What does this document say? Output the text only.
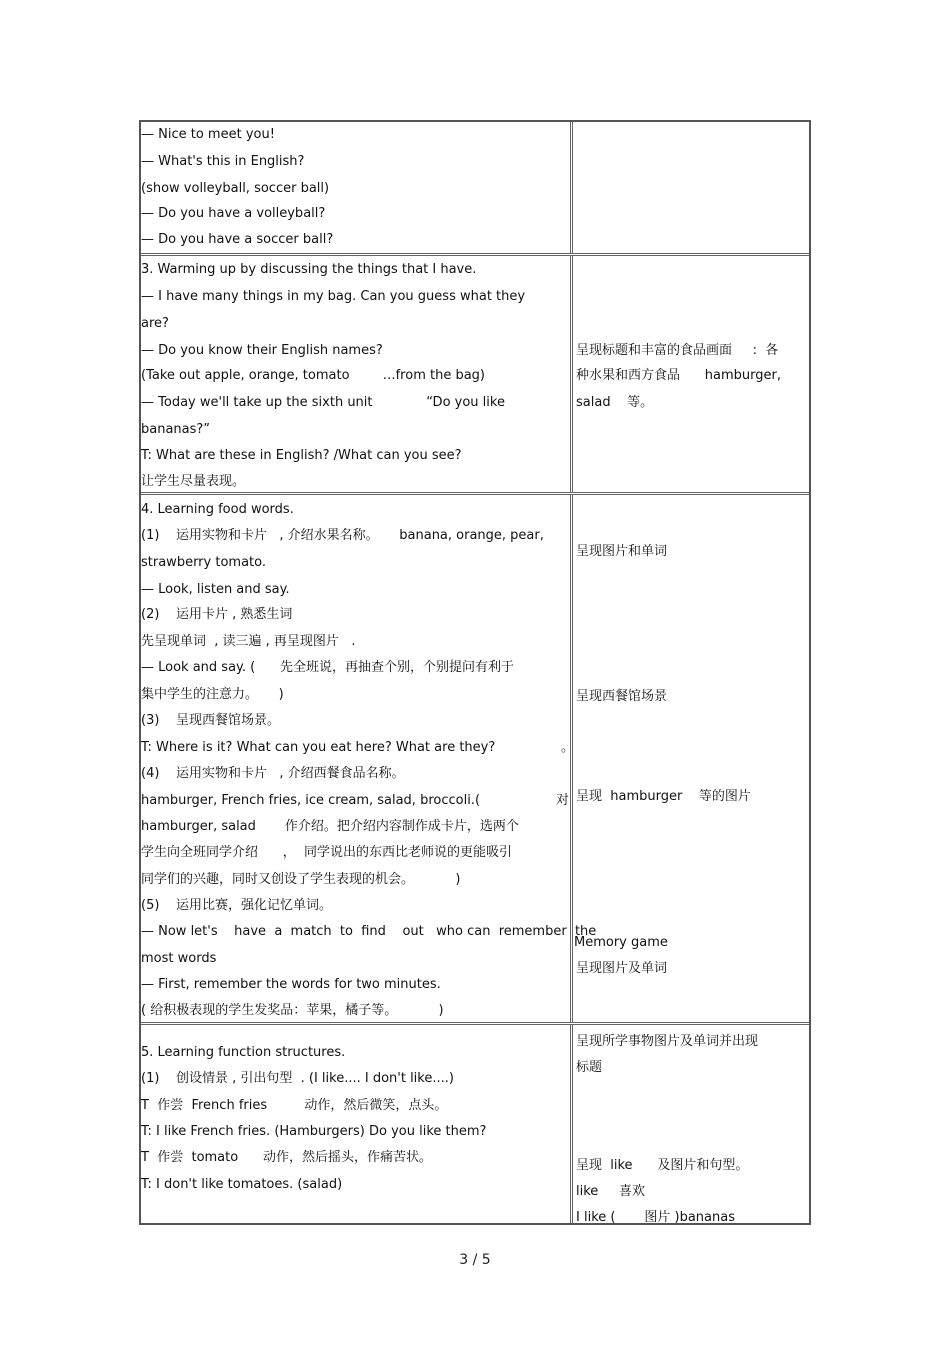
— Nice to meet you!
— What's this in English?
(show volleyball, soccer ball)
— Do you have a volleyball?
— Do you have a soccer ball?
3. Warming up by discussing the things that I have.
— I have many things in my bag. Can you guess what they
are?
— Do you know their English names?
(Take out apple, orange, tomato        …from the bag)
— Today we'll take up the sixth unit             “Do you like
bananas?”
T: What are these in English? /What can you see?
让学生尽量表现。
呈现标题和丰富的食品画面     :  各
种水果和西方食品      hamburger,
salad    等。
4. Learning food words.
(1)    运用实物和卡片   , 介绍水果名称。     banana, orange, pear,
strawberry tomato.
— Look, listen and say.
(2)    运用卡片 , 熟悉生词
先呈现单词  , 读三遍 , 再呈现图片   .
— Look and say. (      先全班说，再抽查个别，个别提问有利于
集中学生的注意力。     )
(3)    呈现西餐馆场景。
T: Where is it? What can you eat here? What are they?
(4)    运用实物和卡片   , 介绍西餐食品名称。
hamburger, French fries, ice cream, salad, broccoli.(
hamburger, salad       作介绍。把介绍内容制作成卡片，选两个
学生向全班同学介绍      ，  同学说出的东西比老师说的更能吸引
同学们的兴趣，同时又创设了学生表现的机会。          )
(5)    运用比赛，强化记忆单词。
— Now let's    have  a  match  to  find    out   who can  remember  the
most words
— First, remember the words for two minutes.
( 给积极表现的学生发奖品：苹果，橘子等。          )
。
对
呈现图片和单词
呈现西餐馆场景
呈现  hamburger    等的图片
Memory game
呈现图片及单词
5. Learning function structures.
(1)    创设情景 , 引出句型  . (I like.... I don't like....)
T  作尝  French fries         动作，然后微笑，点头。
T: I like French fries. (Hamburgers) Do you like them?
T  作尝  tomato      动作，然后摇头，作痛苦状。
T: I don't like tomatoes. (salad)
呈现所学事物图片及单词并出现
标题
呈现  like      及图片和句型。
like     喜欢
I like (       图片 )bananas
3 / 5
